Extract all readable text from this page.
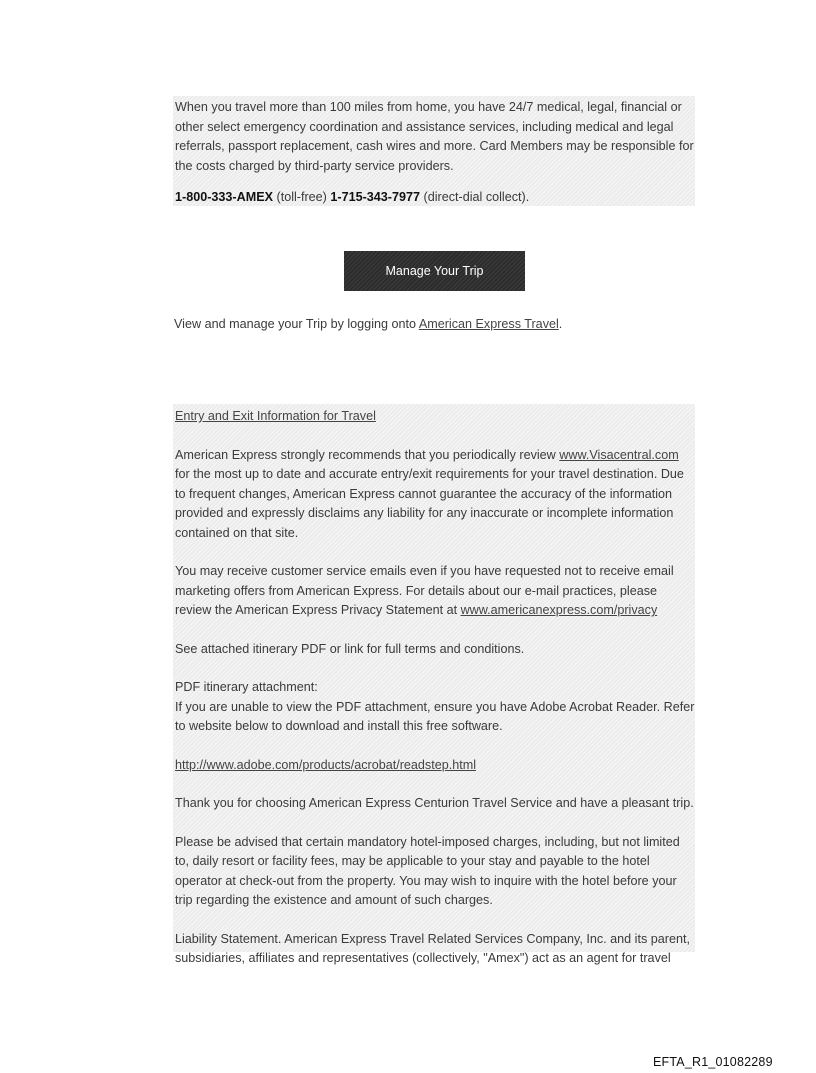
When you travel more than 100 miles from home, you have 24/7 medical, legal, financial or other select emergency coordination and assistance services, including medical and legal referrals, passport replacement, cash wires and more. Card Members may be responsible for the costs charged by third-party service providers.

1-800-333-AMEX (toll-free) 1-715-343-7977 (direct-dial collect).

Manage Your Trip
View and manage your Trip by logging onto American Express Travel.

Entry and Exit Information for Travel

American Express strongly recommends that you periodically review www.Visacentral.com for the most up to date and accurate entry/exit requirements for your travel destination. Due to frequent changes, American Express cannot guarantee the accuracy of the information provided and expressly disclaims any liability for any inaccurate or incomplete information contained on that site.

You may receive customer service emails even if you have requested not to receive email marketing offers from American Express. For details about our e-mail practices, please review the American Express Privacy Statement at www.americanexpress.com/privacy

See attached itinerary PDF or link for full terms and conditions.

PDF itinerary attachment:

If you are unable to view the PDF attachment, ensure you have Adobe Acrobat Reader. Refer to website below to download and install this free software.

http://www.adobe.com/products/acrobat/readstep.html

Thank you for choosing American Express Centurion Travel Service and have a pleasant trip.

Please be advised that certain mandatory hotel-imposed charges, including, but not limited to, daily resort or facility fees, may be applicable to your stay and payable to the hotel operator at check-out from the property. You may wish to inquire with the hotel before your trip regarding the existence and amount of such charges.

Liability Statement. American Express Travel Related Services Company, Inc. and its parent, subsidiaries, affiliates and representatives (collectively, "Amex") act as an agent for travel

EFTA_R1_01082289
